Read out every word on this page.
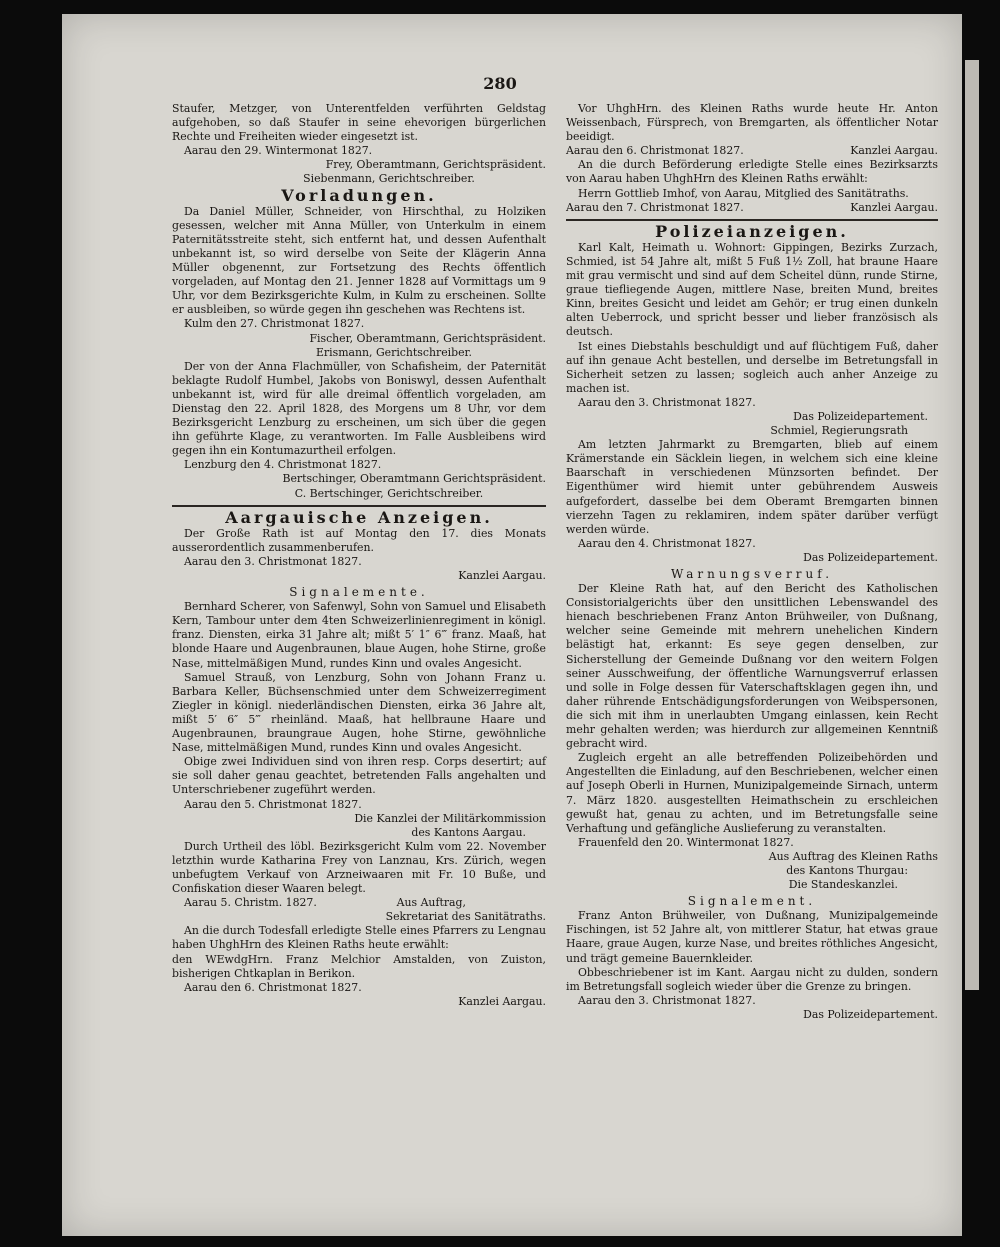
280

Staufer, Metzger, von Unterentfelden verführten Geldstag aufgehoben, so daß Staufer in seine ehevorigen bürgerlichen Rechte und Freiheiten wieder eingesetzt ist.

Aarau den 29. Wintermonat 1827.

Frey, Oberamtmann, Gerichtspräsident.

Siebenmann, Gerichtschreiber.

Vorladungen.

Da Daniel Müller, Schneider, von Hirschthal, zu Holziken gesessen, welcher mit Anna Müller, von Unterkulm in einem Paternitätsstreite steht, sich entfernt hat, und dessen Aufenthalt unbekannt ist, so wird derselbe von Seite der Klägerin Anna Müller obgenennt, zur Fortsetzung des Rechts öffentlich vorgeladen, auf Montag den 21. Jenner 1828 auf Vormittags um 9 Uhr, vor dem Bezirksgerichte Kulm, in Kulm zu erscheinen. Sollte er ausbleiben, so würde gegen ihn geschehen was Rechtens ist.

Kulm den 27. Christmonat 1827.

Fischer, Oberamtmann, Gerichtspräsident.

Erismann, Gerichtschreiber.

Der von der Anna Flachmüller, von Schafisheim, der Paternität beklagte Rudolf Humbel, Jakobs von Boniswyl, dessen Aufenthalt unbekannt ist, wird für alle dreimal öffentlich vorgeladen, am Dienstag den 22. April 1828, des Morgens um 8 Uhr, vor dem Bezirksgericht Lenzburg zu erscheinen, um sich über die gegen ihn geführte Klage, zu verantworten. Im Falle Ausbleibens wird gegen ihn ein Kontumazurtheil erfolgen.

Lenzburg den 4. Christmonat 1827.

Bertschinger, Oberamtmann Gerichtspräsident.

C. Bertschinger, Gerichtschreiber.

Aargauische Anzeigen.

Der Große Rath ist auf Montag den 17. dies Monats ausserordentlich zusammenberufen.

Aarau den 3. Christmonat 1827.

Kanzlei Aargau.

Signalemente.

Bernhard Scherer, von Safenwyl, Sohn von Samuel und Elisabeth Kern, Tambour unter dem 4ten Schweizerlinienregiment in königl. franz. Diensten, eirka 31 Jahre alt; mißt 5′ 1″ 6‴ franz. Maaß, hat blonde Haare und Augenbraunen, blaue Augen, hohe Stirne, große Nase, mittelmäßigen Mund, rundes Kinn und ovales Angesicht.

Samuel Strauß, von Lenzburg, Sohn von Johann Franz u. Barbara Keller, Büchsenschmied unter dem Schweizerregiment Ziegler in königl. niederländischen Diensten, eirka 36 Jahre alt, mißt 5′ 6″ 5‴ rheinländ. Maaß, hat hellbraune Haare und Augenbraunen, braungraue Augen, hohe Stirne, gewöhnliche Nase, mittelmäßigen Mund, rundes Kinn und ovales Angesicht.

Obige zwei Individuen sind von ihren resp. Corps desertirt; auf sie soll daher genau geachtet, betretenden Falls angehalten und Unterschriebener zugeführt werden.

Aarau den 5. Christmonat 1827.

Die Kanzlei der Militärkommission

des Kantons Aargau.

Durch Urtheil des löbl. Bezirksgericht Kulm vom 22. November letzthin wurde Katharina Frey von Lanznau, Krs. Zürich, wegen unbefugtem Verkauf von Arzneiwaaren mit Fr. 10 Buße, und Confiskation dieser Waaren belegt.

Aarau 5. Christm. 1827.	Aus Auftrag,

Sekretariat des Sanitätraths.

An die durch Todesfall erledigte Stelle eines Pfarrers zu Lengnau haben UhghHrn des Kleinen Raths heute erwählt:

den WEwdgHrn. Franz Melchior Amstalden, von Zuiston, bisherigen Chtkaplan in Berikon.

Aarau den 6. Christmonat 1827.

Kanzlei Aargau.

Vor UhghHrn. des Kleinen Raths wurde heute Hr. Anton Weissenbach, Fürsprech, von Bremgarten, als öffentlicher Notar beeidigt.

Aarau den 6. Christmonat 1827.	Kanzlei Aargau.

An die durch Beförderung erledigte Stelle eines Bezirksarzts von Aarau haben UhghHrn des Kleinen Raths erwählt:

Herrn Gottlieb Imhof, von Aarau, Mitglied des Sanitätraths.

Aarau den 7. Christmonat 1827.	Kanzlei Aargau.
Polizeianzeigen.

Karl Kalt, Heimath u. Wohnort: Gippingen, Bezirks Zurzach, Schmied, ist 54 Jahre alt, mißt 5 Fuß 1½ Zoll, hat braune Haare mit grau vermischt und sind auf dem Scheitel dünn, runde Stirne, graue tiefliegende Augen, mittlere Nase, breiten Mund, breites Kinn, breites Gesicht und leidet am Gehör; er trug einen dunkeln alten Ueberrock, und spricht besser und lieber französisch als deutsch.

Ist eines Diebstahls beschuldigt und auf flüchtigem Fuß, daher auf ihn genaue Acht bestellen, und derselbe im Betretungsfall in Sicherheit setzen zu lassen; sogleich auch anher Anzeige zu machen ist.

Aarau den 3. Christmonat 1827.

Das Polizeidepartement.

Schmiel, Regierungsrath

Am letzten Jahrmarkt zu Bremgarten, blieb auf einem Krämerstande ein Säcklein liegen, in welchem sich eine kleine Baarschaft in verschiedenen Münzsorten befindet. Der Eigenthümer wird hiemit unter gebührendem Ausweis aufgefordert, dasselbe bei dem Oberamt Bremgarten binnen vierzehn Tagen zu reklamiren, indem später darüber verfügt werden würde.

Aarau den 4. Christmonat 1827.

Das Polizeidepartement.

Warnungsverruf.

Der Kleine Rath hat, auf den Bericht des Katholischen Consistorialgerichts über den unsittlichen Lebenswandel des hienach beschriebenen Franz Anton Brühweiler, von Dußnang, welcher seine Gemeinde mit mehrern unehelichen Kindern belästigt hat, erkannt: Es seye gegen denselben, zur Sicherstellung der Gemeinde Dußnang vor den weitern Folgen seiner Ausschweifung, der öffentliche Warnungsverruf erlassen und solle in Folge dessen für Vaterschaftsklagen gegen ihn, und daher rührende Entschädigungsforderungen von Weibspersonen, die sich mit ihm in unerlaubten Umgang einlassen, kein Recht mehr gehalten werden; was hierdurch zur allgemeinen Kenntniß gebracht wird.

Zugleich ergeht an alle betreffenden Polizeibehörden und Angestellten die Einladung, auf den Beschriebenen, welcher einen auf Joseph Oberli in Hurnen, Munizipalgemeinde Sirnach, unterm 7. März 1820. ausgestellten Heimathschein zu erschleichen gewußt hat, genau zu achten, und im Betretungsfalle seine Verhaftung und gefängliche Auslieferung zu veranstalten.

Frauenfeld den 20. Wintermonat 1827.

Aus Auftrag des Kleinen Raths

des Kantons Thurgau:

Die Standeskanzlei.

Signalement.

Franz Anton Brühweiler, von Dußnang, Munizipalgemeinde Fischingen, ist 52 Jahre alt, von mittlerer Statur, hat etwas graue Haare, graue Augen, kurze Nase, und breites röthliches Angesicht, und trägt gemeine Bauernkleider.

Obbeschriebener ist im Kant. Aargau nicht zu dulden, sondern im Betretungsfall sogleich wieder über die Grenze zu bringen.

Aarau den 3. Christmonat 1827.

Das Polizeidepartement.
